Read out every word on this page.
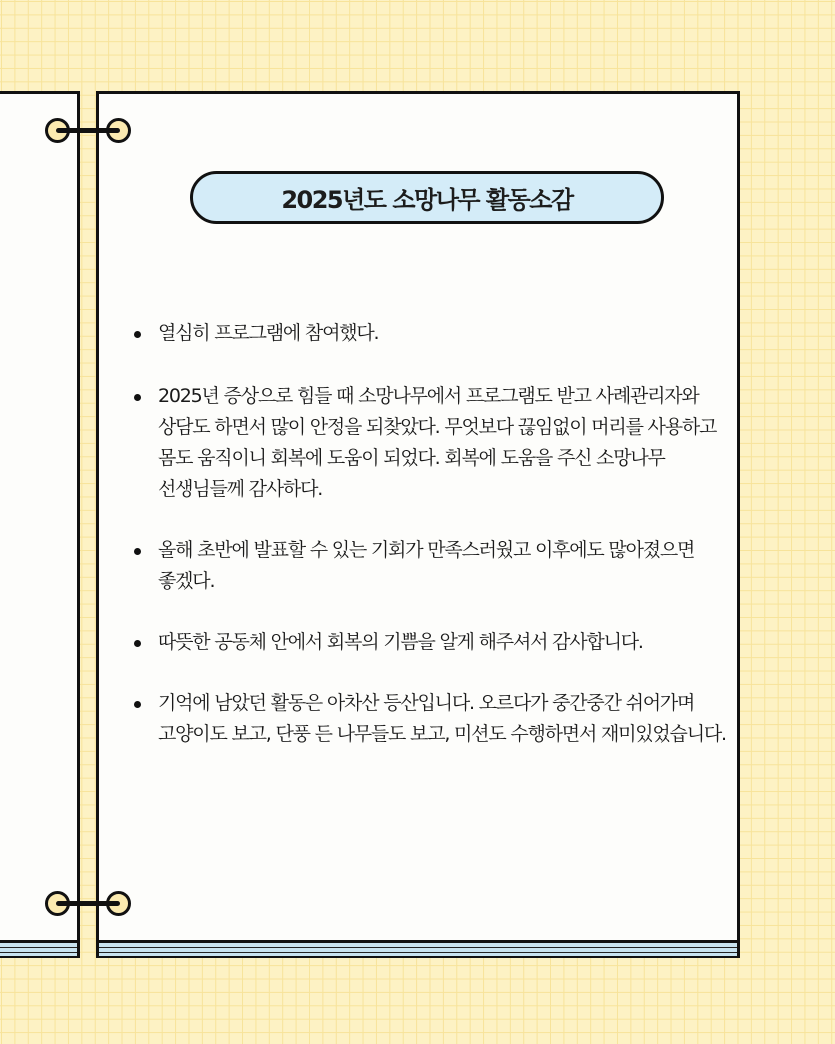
2025년도 소망나무 활동소감
열심히 프로그램에 참여했다.
2025년 증상으로 힘들 때 소망나무에서 프로그램도 받고 사례관리자와 상담도 하면서 많이 안정을 되찾았다. 무엇보다 끊임없이 머리를 사용하고 몸도 움직이니 회복에 도움이 되었다. 회복에 도움을 주신 소망나무 선생님들께 감사하다.
올해 초반에 발표할 수 있는 기회가 만족스러웠고 이후에도 많아졌으면 좋겠다.
따뜻한 공동체 안에서 회복의 기쁨을 알게 해주셔서 감사합니다.
기억에 남았던 활동은 아차산 등산입니다. 오르다가 중간중간 쉬어가며 고양이도 보고, 단풍 든 나무들도 보고, 미션도 수행하면서 재미있었습니다.
